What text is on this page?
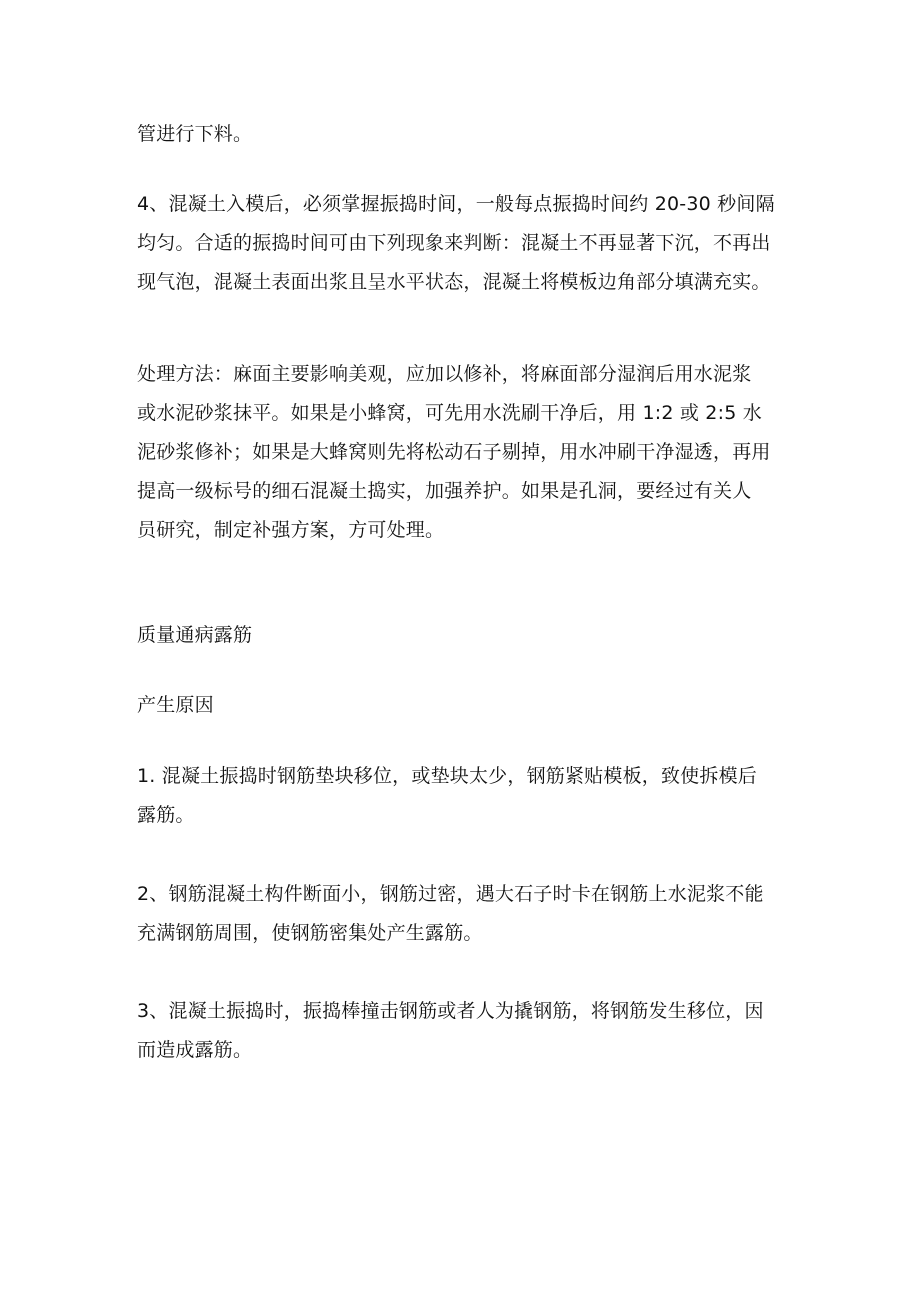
管进行下料。
4、混凝土入模后，必须掌握振捣时间，一般每点振捣时间约 20-30 秒间隔
均匀。合适的振捣时间可由下列现象来判断：混凝土不再显著下沉，不再出
现气泡，混凝土表面出浆且呈水平状态，混凝土将模板边角部分填满充实。
处理方法：麻面主要影响美观，应加以修补，将麻面部分湿润后用水泥浆
或水泥砂浆抹平。如果是小蜂窝，可先用水洗刷干净后，用 1:2 或 2:5 水
泥砂浆修补；如果是大蜂窝则先将松动石子剔掉，用水冲刷干净湿透，再用
提高一级标号的细石混凝土捣实，加强养护。如果是孔洞，要经过有关人
员研究，制定补强方案，方可处理。
质量通病露筋
产生原因
1. 混凝土振捣时钢筋垫块移位，或垫块太少，钢筋紧贴模板，致使拆模后
露筋。
2、钢筋混凝土构件断面小，钢筋过密，遇大石子时卡在钢筋上水泥浆不能
充满钢筋周围，使钢筋密集处产生露筋。
3、混凝土振捣时，振捣棒撞击钢筋或者人为撬钢筋，将钢筋发生移位，因
而造成露筋。
